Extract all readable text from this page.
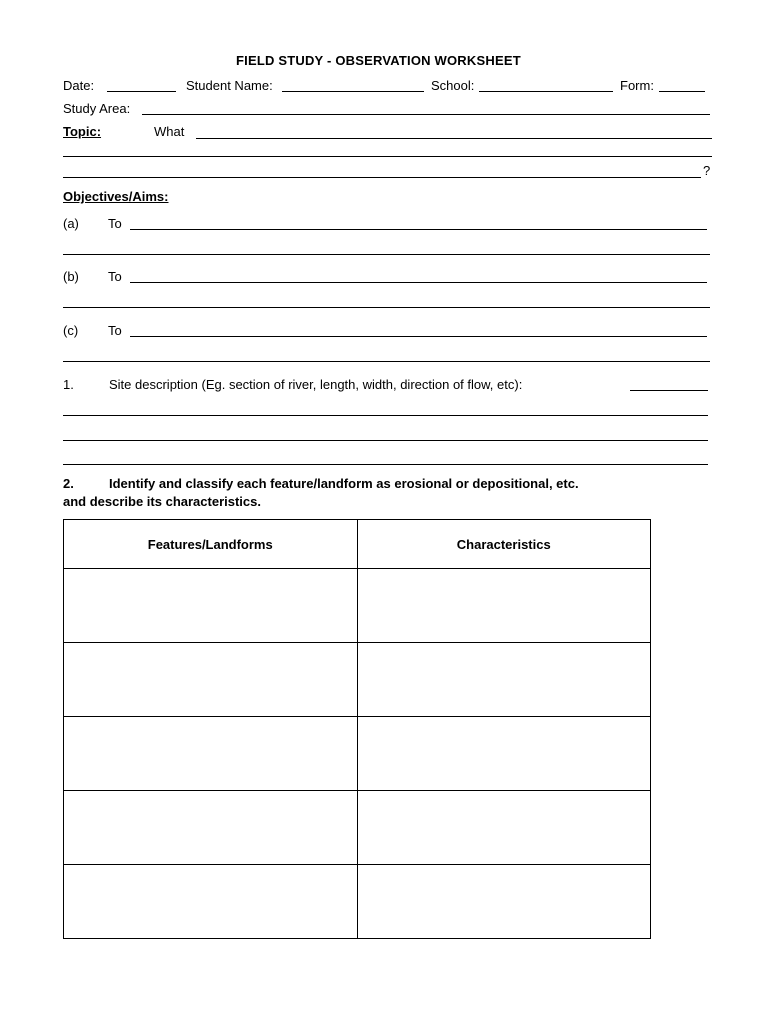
FIELD STUDY - OBSERVATION WORKSHEET
Date:	Student Name:	School:	Form:
Study Area:
Topic:	What
?
Objectives/Aims:
(a) To
(b) To
(c) To
1.	Site description (Eg. section of river, length, width, direction of flow, etc):
2.	Identify and classify each feature/landform as erosional or depositional, etc.
and describe its characteristics.
Features/Landforms	Characteristics
